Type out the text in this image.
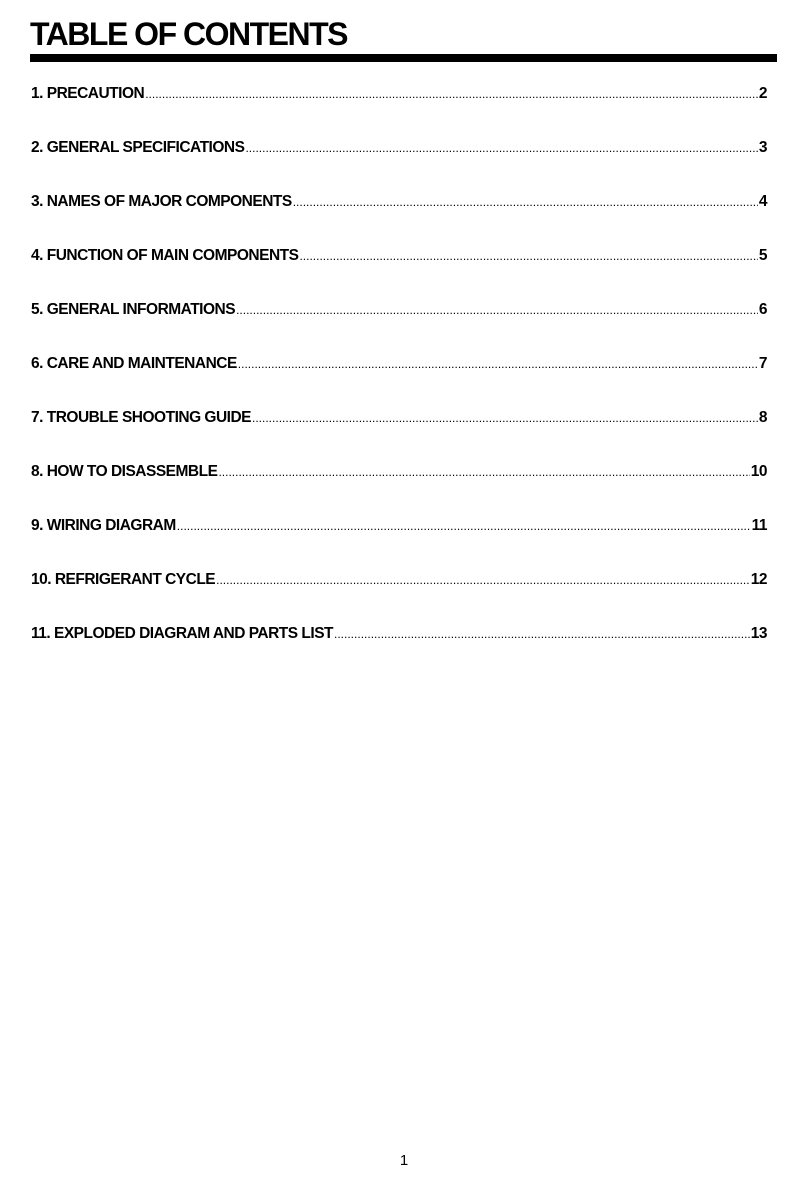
TABLE OF CONTENTS
1. PRECAUTION .....	2
2. GENERAL SPECIFICATIONS .....	3
3. NAMES OF MAJOR COMPONENTS .....	4
4. FUNCTION OF MAIN COMPONENTS .....	5
5. GENERAL INFORMATIONS .....	6
6. CARE AND MAINTENANCE .....	7
7. TROUBLE SHOOTING GUIDE .....	8
8. HOW TO DISASSEMBLE .....	10
9. WIRING DIAGRAM .....	11
10. REFRIGERANT CYCLE .....	12
11. EXPLODED DIAGRAM AND PARTS LIST .....	13
1
